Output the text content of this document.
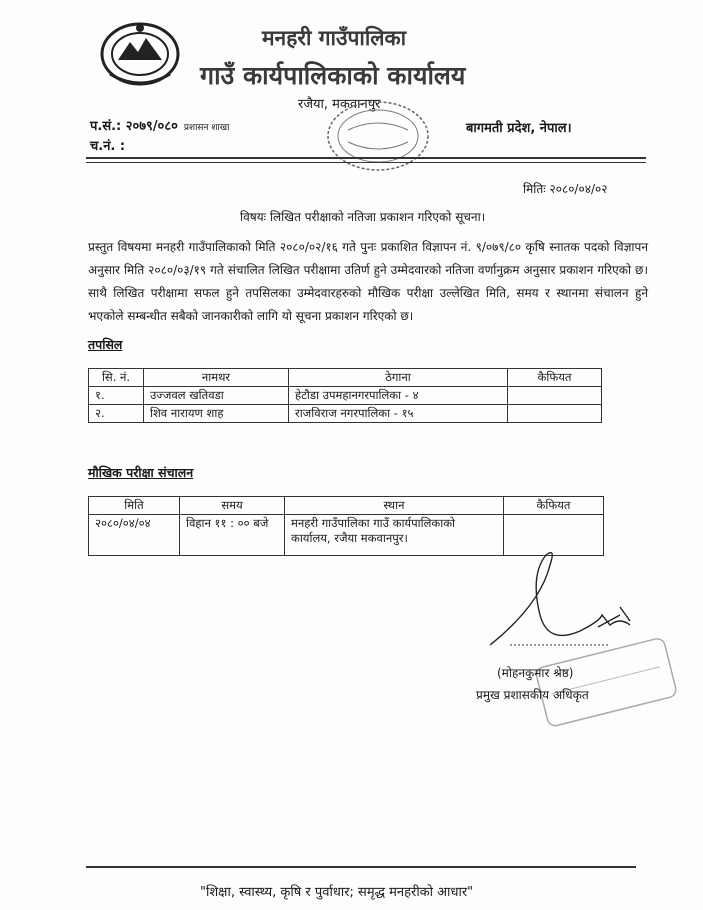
मनहरी गाउँपालिका
गाउँ कार्यपालिकाको कार्यालय
रजैया, मकवानपुर
प.सं.: २०७९/०८० प्रशासन शाखा
च.नं. :
बागमती प्रदेश, नेपाल।
मितिः २०८०/०४/०२
विषयः लिखित परीक्षाको नतिजा प्रकाशन गरिएको सूचना।
प्रस्तुत विषयमा मनहरी गाउँपालिकाको मिति २०८०/०२/१६ गते पुनः प्रकाशित विज्ञापन नं. ९/०७९/८० कृषि स्नातक पदको विज्ञापन अनुसार मिति २०८०/०३/१९ गते संचालित लिखित परीक्षामा उतिर्ण हुने उम्मेदवारको नतिजा वर्णानुक्रम अनुसार प्रकाशन गरिएको छ। साथै लिखित परीक्षामा सफल हुने तपसिलका उम्मेदवारहरुको मौखिक परीक्षा उल्लेखित मिति, समय र स्थानमा संचालन हुने भएकोले सम्बन्धीत सबैको जानकारीको लागि यो सूचना प्रकाशन गरिएको छ।
तपसिल
सि. नं.	नामथर	ठेगाना	कैफियत
१.	उज्जवल खतिवडा	हेटौडा उपमहानगरपालिका - ४	
२.	शिव नारायण शाह	राजविराज नगरपालिका - १५	
मौखिक परीक्षा संचालन
मिति	समय	स्थान	कैफियत
२०८०/०४/०४	विहान ११ : ०० बजे	मनहरी गाउँपालिका गाउँ कार्यपालिकाको कार्यालय, रजैया मकवानपुर।	
(मोहनकुमार श्रेष्ठ)
प्रमुख प्रशासकीय अधिकृत
"शिक्षा, स्वास्थ्य, कृषि र पुर्वाधार; समृद्ध मनहरीको आधार"
